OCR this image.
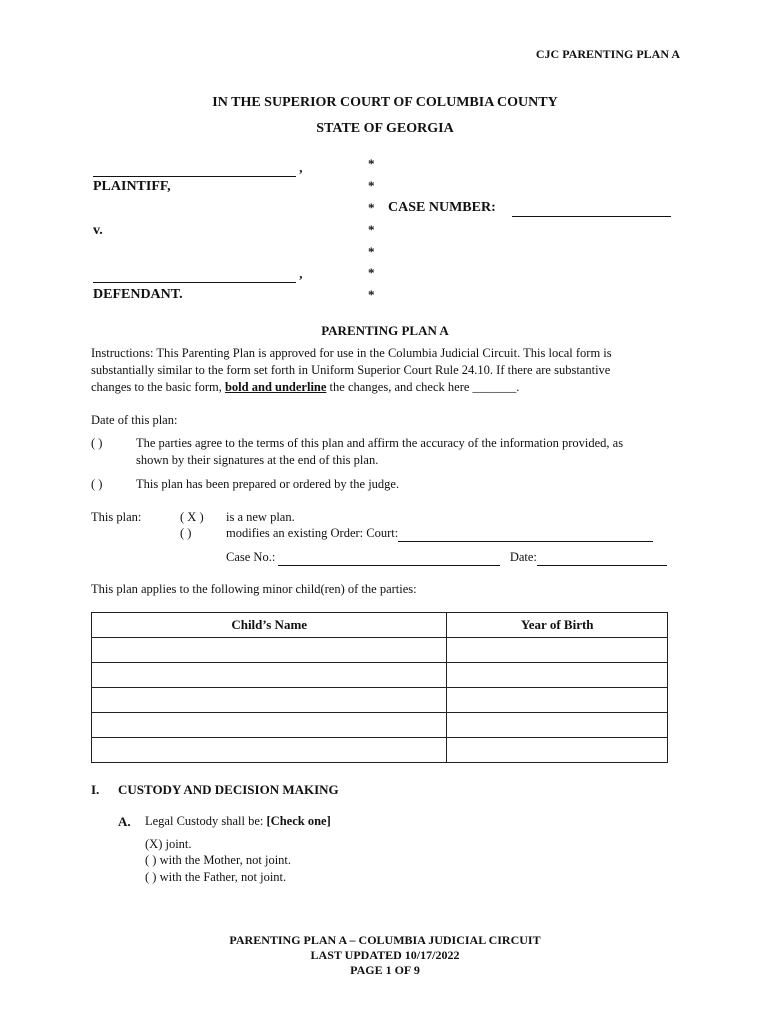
CJC PARENTING PLAN A
IN THE SUPERIOR COURT OF COLUMBIA COUNTY
STATE OF GEORGIA
,
PLAINTIFF,
v.
,
DEFENDANT.
*
*
*
*
*
*
*
CASE NUMBER:

PARENTING PLAN A
Instructions: This Parenting Plan is approved for use in the Columbia Judicial Circuit. This local form is
substantially similar to the form set forth in Uniform Superior Court Rule 24.10. If there are substantive
changes to the basic form, bold and underline the changes, and check here _______.
Date of this plan:
( )	The parties agree to the terms of this plan and affirm the accuracy of the information provided, as
shown by their signatures at the end of this plan.
( )	This plan has been prepared or ordered by the judge.
This plan:	( X ) is a new plan.
( )	modifies an existing Order: Court:
Case No.:	Date:
This plan applies to the following minor child(ren) of the parties:
Child’s Name	Year of Birth

I. CUSTODY AND DECISION MAKING
A. Legal Custody shall be: [Check one]
(X) joint.
( ) with the Mother, not joint.
( ) with the Father, not joint.
PARENTING PLAN A – COLUMBIA JUDICIAL CIRCUIT
LAST UPDATED 10/17/2022
PAGE 1 OF 9
